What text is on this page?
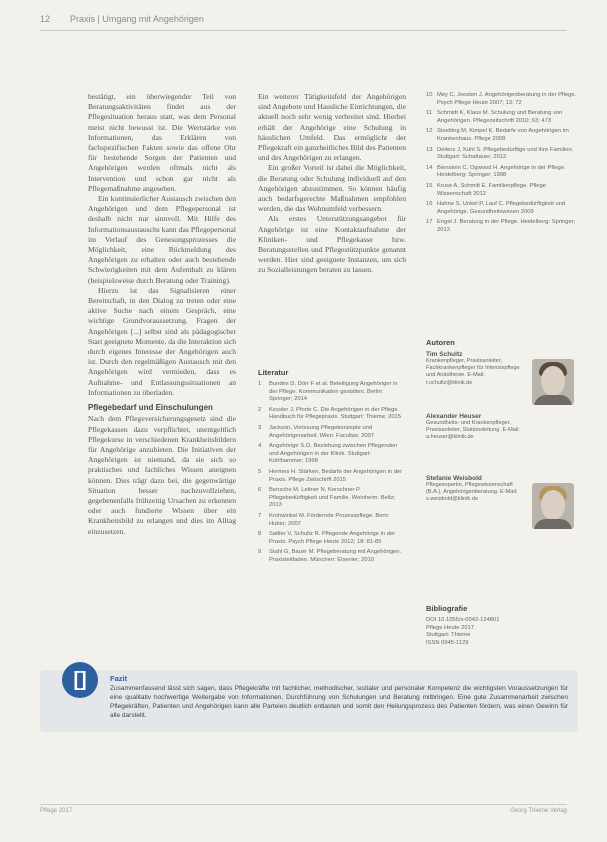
12 Praxis | Umgang mit Angehörigen

bestätigt, ein überwiegender Teil von Beratungsaktivitäten findet aus der Pflegesituation heraus statt, was dem Personal meist nicht bewusst ist. Die Wertstärke von Informationen, das Erklären von fachspezifischen Fakten sowie das offene Ohr für bestehende Sorgen der Patienten und Angehörigen werden oftmals nicht als Intervention und schon gar nicht als Pflegemaßnahme angesehen.

Ein kontinuierlicher Austausch zwischen den Angehörigen und dem Pflegepersonal ist deshalb nicht nur sinnvoll. Mit Hilfe des Informationsaustauschs kann das Pflegepersonal im Verlauf des Genesungsprozesses die Möglichkeit, eine Rückmeldung des Angehörigen zu erhalten oder auch bestehende Schwierigkeiten mit dem Aufenthalt zu klären (beispielsweise durch Beratung oder Training).

Hierzu ist das Signalisieren einer Bereitschaft, in den Dialog zu treten oder eine aktive Suche nach einem Gespräch, eine wichtige Grundvoraussetzung. Fragen der Angehörigen [...] selbst sind als pädagogischer Start geeignete Momente, da die Interaktion sich durch eigenes Interesse der Angehörigen auch ist. Durch den regelmäßigen Austausch mit den Angehörigen wird vermieden, dass es Aufnahme- und Entlassungssituationen an Informationen zu überladen.

Pflegebedarf und Einschulungen

Nach dem Pflegeversicherungsgesetz sind die Pflegekassen dazu verpflichtet, unentgeltlich Pflegekurse in verschiedenen Krankheitsbildern für Angehörige anzubieten. Die Initiativen der Angehörigen ist niemand, da sie sich so praktisches und fachliches Wissen aneignen können. Dies trägt dazu bei, die gegenwärtige Situation besser nachzuvollziehen, gegebenenfalls frühzeitig Ursachen zu erkennen oder auch fundierte Wissen über ein Krankheitsbild zu erlangen und dies im Alltag einzusetzen.

Ein weiterer Tätigkeitsfeld der Angehörigen sind Angebote und Hausliche Einrichtungen, die aktuell noch sehr wenig verbreitet sind. Hierbei erhält der Angehörige eine Schulung in häuslichen Umfeld. Das ermöglicht der Pflegekraft ein ganzheitliches Bild des Patienten und des Angehörigen zu erlangen.

Ein großer Vorteil ist dabei die Möglichkeit, die Beratung oder Schulung individuell auf den Angehörigen abzustimmen. So können häufig auch bedarfsgerechte Maßnahmen empfohlen werden, die das Wohnumfeld verbessern.

Als erstes Unterstützungsangebot für Angehörige ist eine Kontaktaufnahme der Kliniken- und Pflegekasse bzw. Beratungsstellen und Pflegestützpunkte genannt werden. Hier sind geeignete Instanzen, um sich zu Sozialleistungen beraten zu lassen.

Literatur
1 Bundes D, Dörr F et al. Beteiligung Angehöriger in der Pflege. Kommunikation gestalten. Berlin: Springer; 2014
2 Kessler J, Pforte C. Die Angehörigen in der Pflege. Handbuch für Pflegepraxis. Stuttgart: Thieme; 2015
3 Jackson, Vorlesung Pflegekonzepte und Angehörigenarbeit. Wien: Facultas; 2007
4 Angehörige S.O. Beziehung zwischen Pflegenden und Angehörigen in der Klinik. Stuttgart: Kohlhammer; 1998
5 Hermes H. Stärken, Bedarfe der Angehörigen in der Praxis. Pflege Zeitschrift 2015
6 Bensche M, Leitner N, Kerschner P. Pflegebedürftigkeit und Familie. Weinheim: Beltz; 2013
7 Krohwinkel M. Fördernde Prozesspflege. Bern: Huber; 2007
8 Sattler V, Schultz R. Pflegende Angehörige in der Praxis. Psych Pflege Heute 2012; 18: 81-85
9 Stahl G, Bauer M. Pflegeberatung mit Angehörigen. Praxisleitfaden. München: Elsevier; 2010
10 Mey C, Joosten J. Angehörigenberatung in der Pflege. Psych Pflege Heute 2007; 13: 72
11 Schmidt K, Klaus M. Schulung und Beratung von Angehörigen. Pflegezeitschrift 2010; 63: 473
12 Stoelting M, Kimpel K. Bedarfe von Angehörigen im Krankenhaus. Pflege 2008
13 Deiters J, Kühl S. Pflegebedürftige und ihre Familien. Stuttgart: Schattauer; 2012
14 Bienstein C, Ogwood H. Angehörige in der Pflege. Heidelberg: Springer; 1998
15 Kruse A, Schmitt E. Familienpflege. Pflege Wissenschaft 2012
16 Hahne S, Unkel P, Lauf C. Pflegebedürftigkeit und Angehörige. Gesundheitswesen 2009
17 Engel J. Beratung in der Pflege. Heidelberg: Springer; 2013
Autoren
Tim Schultz
Krankenpfleger, Praxisanleiter, Fachkrankenpfleger für Intensivpflege und Anästhesie. E-Mail: t.schultz@klinik.de
Alexander Heuser
Gesundheits- und Krankenpfleger, Praxisanleiter, Stationsleitung. E-Mail: a.heuser@klinik.de
Stefanie Weisbold
Pflegeexpertin, Pflegewissenschaft (B.A.), Angehörigenberatung. E-Mail: s.weisbold@klinik.de
Bibliografie
DOI 10.1055/s-0042-124801
Pflege Heute 2017
Stuttgart: Thieme
ISSN 0945-1129
[]	Fazit
Zusammenfassend lässt sich sagen, dass Pflegekräfte mit fachlicher, methodischer, sozialer und personaler Kompetenz die wichtigsten Voraussetzungen für eine qualitativ hochwertige Weitergabe von Informationen, Durchführung von Schulungen und Beratung mitbringen. Eine gute Zusammenarbeit zwischen Pflegekräften, Patienten und Angehörigen kann alle Parteien deutlich entlasten und somit den Heilungsprozess des Patienten fördern, was einen Gewinn für alle darstellt.
Pflege 2017	Georg Thieme Verlag
